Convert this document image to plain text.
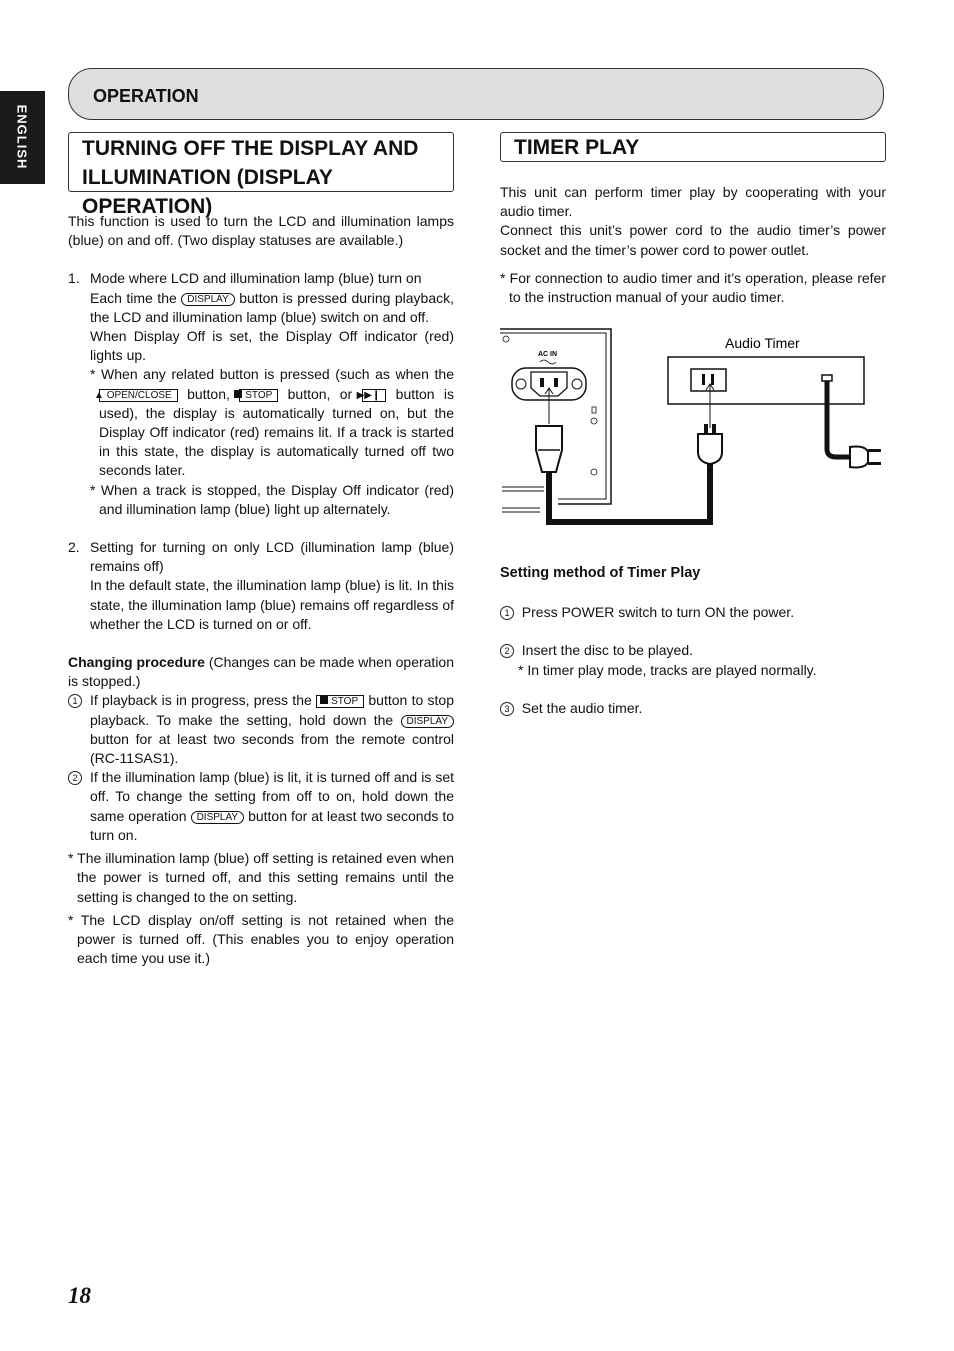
ENGLISH
OPERATION
TURNING OFF THE DISPLAY AND
ILLUMINATION (DISPLAY OPERATION)

This function is used to turn the LCD and illumination lamps (blue) on and off. (Two display statuses are available.)

1. Mode where LCD and illumination lamp (blue) turn on

Each time the DISPLAY button is pressed during playback, the LCD and illumination lamp (blue) switch on and off.

When Display Off is set, the Display Off indicator (red) lights up.

* When any related button is pressed (such as when the ▲ OPEN/CLOSE button, STOP button, or ▶▶❙ button is used), the display is automatically turned on, but the Display Off indicator (red) remains lit. If a track is started in this state, the display is automatically turned off two seconds later.

* When a track is stopped, the Display Off indicator (red) and illumination lamp (blue) light up alternately.

2. Setting for turning on only LCD (illumination lamp (blue) remains off)

In the default state, the illumination lamp (blue) is lit. In this state, the illumination lamp (blue) remains off regardless of whether the LCD is turned on or off.

Changing procedure (Changes can be made when operation is stopped.)

1 If playback is in progress, press the STOP button to stop playback. To make the setting, hold down the DISPLAY button for at least two seconds from the remote control (RC-11SAS1).

2 If the illumination lamp (blue) is lit, it is turned off and is set off. To change the setting from off to on, hold down the same operation DISPLAY button for at least two seconds to turn on.

* The illumination lamp (blue) off setting is retained even when the power is turned off, and this setting remains until the setting is changed to the on setting.

* The LCD display on/off setting is not retained when the power is turned off. (This enables you to enjoy operation each time you use it.)

TIMER PLAY

This unit can perform timer play by cooperating with your audio timer.

Connect this unit’s power cord to the audio timer’s power socket and the timer’s power cord to power outlet.

* For connection to audio timer and it’s operation, please refer to the instruction manual of your audio timer.

AC IN
Audio Timer

Setting method of Timer Play

1 Press POWER switch to turn ON the power.

2 Insert the disc to be played.

* In timer play mode, tracks are played normally.

3 Set the audio timer.

18
